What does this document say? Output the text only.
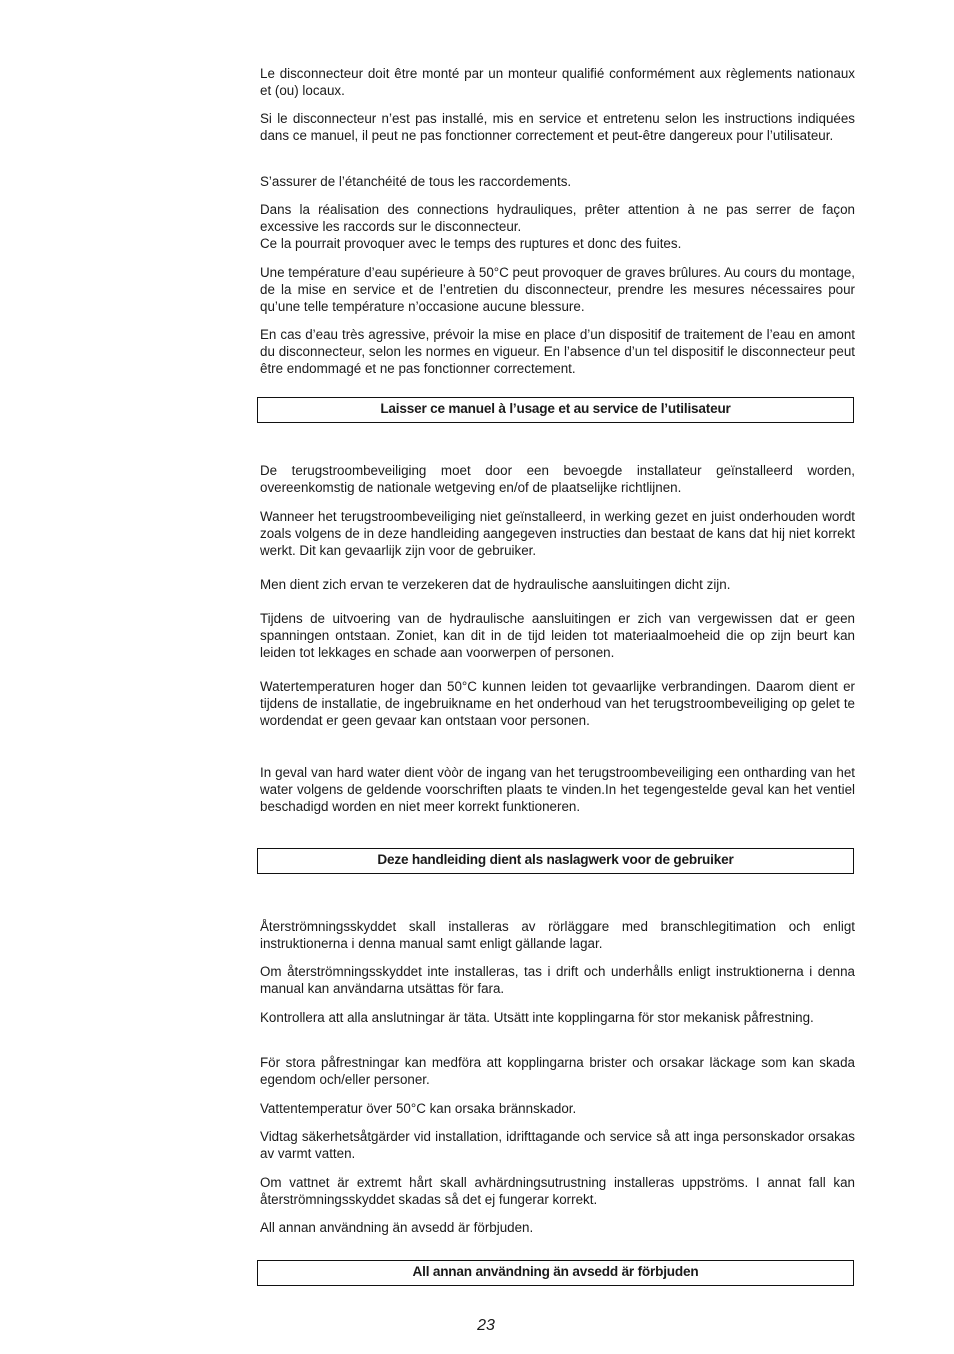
Le disconnecteur doit être monté par un monteur qualifié conformément aux règlements nationaux et (ou) locaux.

Si le disconnecteur n’est pas installé, mis en service et entretenu selon les instructions indiquées dans ce manuel, il peut ne pas fonctionner correctement et peut-être dangereux pour l’utilisateur.

S’assurer de l’étanchéité de tous les raccordements.

Dans la réalisation des connections hydrauliques, prêter attention à ne pas serrer de façon excessive les raccords sur le disconnecteur.
Ce la pourrait provoquer avec le temps des ruptures et donc des fuites.

Une température d’eau supérieure à 50°C peut provoquer de graves brûlures. Au cours du montage, de la mise en service et de l’entretien du disconnecteur, prendre les mesures nécessaires pour qu’une telle température n’occasione aucune blessure.

En cas d’eau très agressive, prévoir la mise en place d’un dispositif de traitement de l’eau en amont du disconnecteur, selon les normes en vigueur. En l’absence d’un tel dispositif le disconnecteur peut être endommagé et ne pas fonctionner correctement.

Laisser ce manuel à l’usage et au service de l’utilisateur

De terugstroombeveiliging moet door een bevoegde installateur geïnstalleerd worden, overeenkomstig de nationale wetgeving en/of de plaatselijke richtlijnen.

Wanneer het terugstroombeveiliging niet geïnstalleerd, in werking gezet en juist onderhouden wordt zoals volgens de in deze handleiding aangegeven instructies dan bestaat de kans dat hij niet korrekt werkt. Dit kan gevaarlijk zijn voor de gebruiker.

Men dient zich ervan te verzekeren dat de hydraulische aansluitingen dicht zijn.

Tijdens de uitvoering van de hydraulische aansluitingen er zich van vergewissen dat er geen spanningen ontstaan. Zoniet, kan dit in de tijd leiden tot materiaalmoeheid die op zijn beurt kan leiden tot lekkages en schade aan voorwerpen of personen.

Watertemperaturen hoger dan 50°C kunnen leiden tot gevaarlijke verbrandingen. Daarom dient er tijdens de installatie, de ingebruikname en het onderhoud van het terugstroombeveiliging op gelet te wordendat er geen gevaar kan ontstaan voor personen.

In geval van hard water dient vòòr de ingang van het terugstroombeveiliging een ontharding van het water volgens de geldende voorschriften plaats te vinden.In het tegengestelde geval kan het ventiel beschadigd worden en niet meer korrekt funktioneren.

Deze handleiding dient als naslagwerk voor de gebruiker

Återströmningsskyddet skall installeras av rörläggare med branschlegitimation och enligt instruktionerna i denna manual samt enligt gällande lagar.

Om återströmningsskyddet inte installeras, tas i drift och underhålls enligt instruktionerna i denna manual kan användarna utsättas för fara.

Kontrollera att alla anslutningar är täta. Utsätt inte kopplingarna för stor mekanisk påfrestning.

För stora påfrestningar kan medföra att kopplingarna brister och orsakar läckage som kan skada egendom och/eller personer.

Vattentemperatur över 50°C kan orsaka brännskador.

Vidtag säkerhetsåtgärder vid installation, idrifttagande och service så att inga personskador orsakas av varmt vatten.

Om vattnet är extremt hårt skall avhärdningsutrustning installeras uppströms. I annat fall kan återströmningsskyddet skadas så det ej fungerar korrekt.

All annan användning än avsedd är förbjuden.

All annan användning än avsedd är förbjuden
23
